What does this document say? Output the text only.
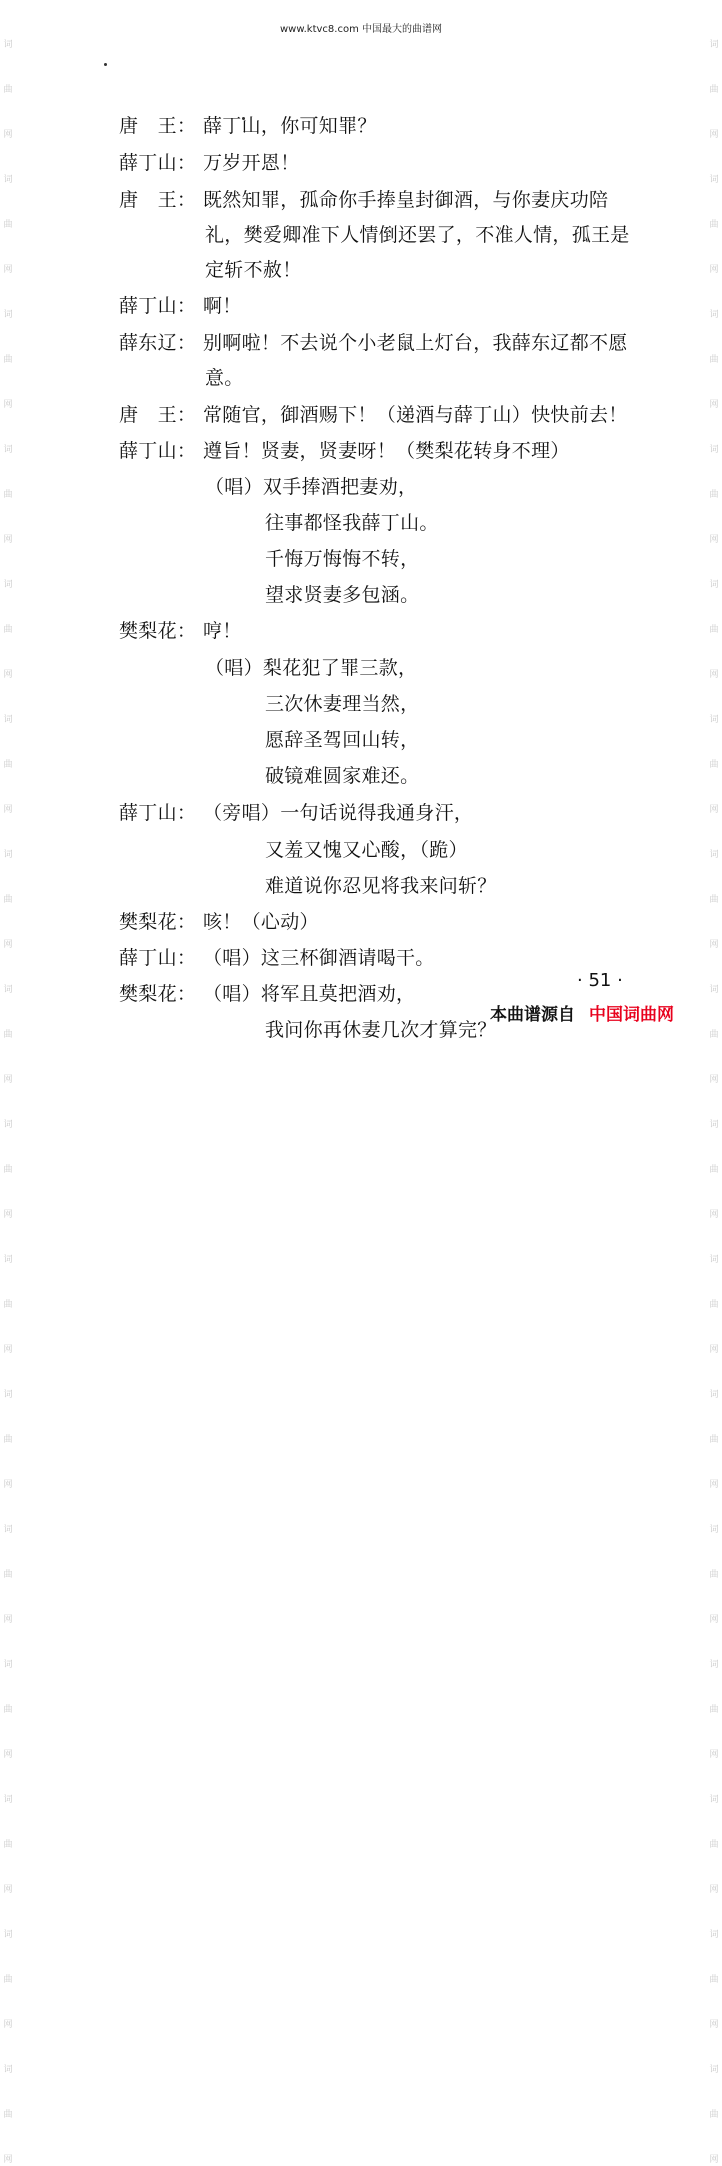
www.ktvc8.com 中国最大的曲谱网
词
曲
网
词
曲
网
词
曲
网
词
曲
网
词
曲
网
词
曲
网
词
曲
网
词
曲
网
词
曲
网
词
曲
网
词
曲
网
词
曲
网
词
曲
网
词
曲
网
词
曲
网
词
曲
网
词
曲
网
词
曲
网
词
曲
网
词
曲
网
词
曲
网
词
曲
网
词
曲
网
词
曲
网
词
曲
网
词
曲
网
词
曲
网
词
曲
网
词
曲
网
词
曲
网
词
曲
网
词
曲
网
唐　王： 薛丁山，你可知罪？
薛丁山： 万岁开恩！
唐　王： 既然知罪，孤命你手捧皇封御酒，与你妻庆功陪
礼，樊爱卿准下人情倒还罢了，不准人情，孤王是
定斩不赦！
薛丁山： 啊！
薛东辽： 别啊啦！不去说个小老鼠上灯台，我薛东辽都不愿
意。
唐　王： 常随官，御酒赐下！（递酒与薛丁山）快快前去！
薛丁山： 遵旨！贤妻，贤妻呀！（樊梨花转身不理）
（唱）双手捧酒把妻劝，
往事都怪我薛丁山。
千悔万悔悔不转，
望求贤妻多包涵。
樊梨花： 哼！
（唱）梨花犯了罪三款，
三次休妻理当然，
愿辞圣驾回山转，
破镜难圆家难还。
薛丁山： （旁唱）一句话说得我通身汗，
又羞又愧又心酸，（跪）
难道说你忍见将我来问斩？
樊梨花： 咳！（心动）
薛丁山： （唱）这三杯御酒请喝干。
樊梨花： （唱）将军且莫把酒劝，
我问你再休妻几次才算完？
· 51 ·
本曲谱源自 中国词曲网
